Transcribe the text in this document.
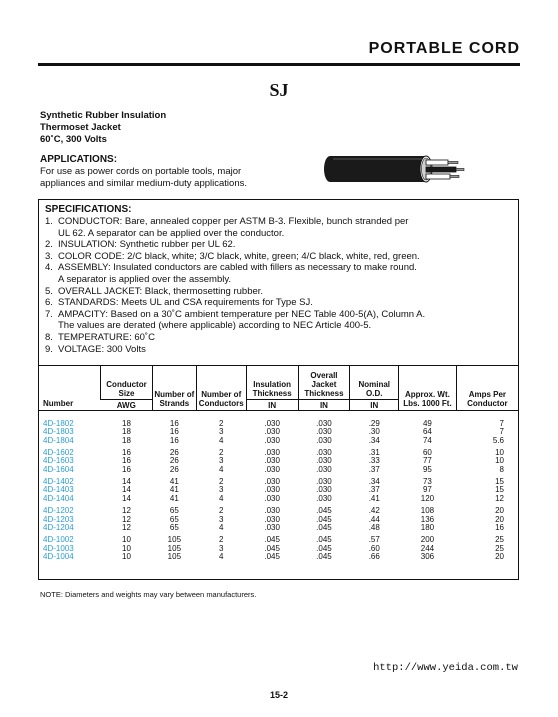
PORTABLE CORD
SJ
Synthetic Rubber Insulation
Thermoset Jacket
60˚C, 300 Volts
APPLICATIONS:
For use as power cords on portable tools, major
appliances and similar medium-duty applications.
SPECIFICATIONS:
1. CONDUCTOR: Bare, annealed copper per ASTM B-3. Flexible, bunch stranded per
UL 62. A separator can be applied over the conductor.
2. INSULATION: Synthetic rubber per UL 62.
3. COLOR CODE: 2/C black, white; 3/C black, white, green; 4/C black, white, red, green.
4. ASSEMBLY: Insulated conductors are cabled with fillers as necessary to make round.
A separator is applied over the assembly.
5. OVERALL JACKET: Black, thermosetting rubber.
6. STANDARDS: Meets UL and CSA requirements for Type SJ.
7. AMPACITY: Based on a 30˚C ambient temperature per NEC Table 400-5(A), Column A.
The values are derated (where applicable) according to NEC Article 400-5.
8. TEMPERATURE: 60˚C
9. VOLTAGE: 300 Volts
Number	Conductor Size	Number of Strands	Number of Conductors	Insulation Thickness	Overall Jacket Thickness	Nominal O.D.	Approx. Wt. Lbs. 1000 Ft.	Amps Per Conductor
	AWG			IN	IN	IN		
4D-1802	18	16	2	.030	.030	.29	49	7
4D-1803	18	16	3	.030	.030	.30	64	7
4D-1804	18	16	4	.030	.030	.34	74	5.6
4D-1602	16	26	2	.030	.030	.31	60	10
4D-1603	16	26	3	.030	.030	.33	77	10
4D-1604	16	26	4	.030	.030	.37	95	8
4D-1402	14	41	2	.030	.030	.34	73	15
4D-1403	14	41	3	.030	.030	.37	97	15
4D-1404	14	41	4	.030	.030	.41	120	12
4D-1202	12	65	2	.030	.045	.42	108	20
4D-1203	12	65	3	.030	.045	.44	136	20
4D-1204	12	65	4	.030	.045	.48	180	16
4D-1002	10	105	2	.045	.045	.57	200	25
4D-1003	10	105	3	.045	.045	.60	244	25
4D-1004	10	105	4	.045	.045	.66	306	20
NOTE: Diameters and weights may vary between manufacturers.
http://www.yeida.com.tw
15-2
